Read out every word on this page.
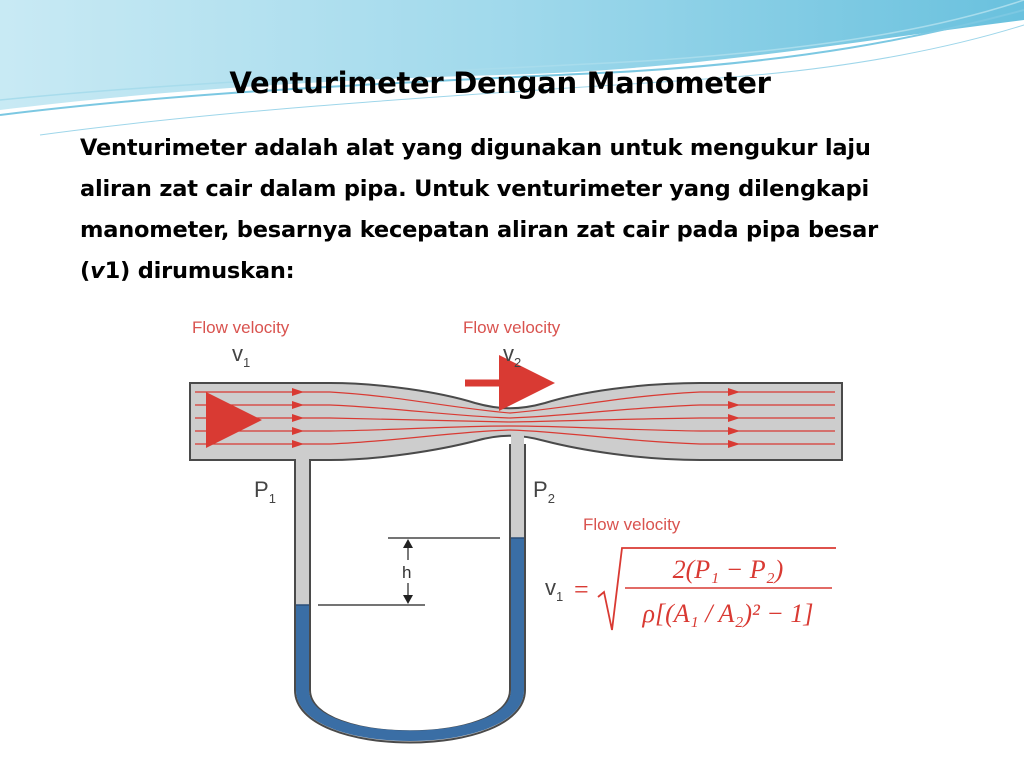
Venturimeter Dengan Manometer
Venturimeter adalah alat yang digunakan untuk mengukur laju
aliran zat cair dalam pipa. Untuk venturimeter yang dilengkapi
manometer, besarnya kecepatan aliran zat cair pada pipa besar
(v1) dirumuskan:
Flow velocity
$v_1$
Flow velocity
$v_2$
$P_1$	$P_2$
h
Flow velocity
$v_1$ =
2(P₁ − P₂)
ρ[(A₁ / A₂)² − 1]
